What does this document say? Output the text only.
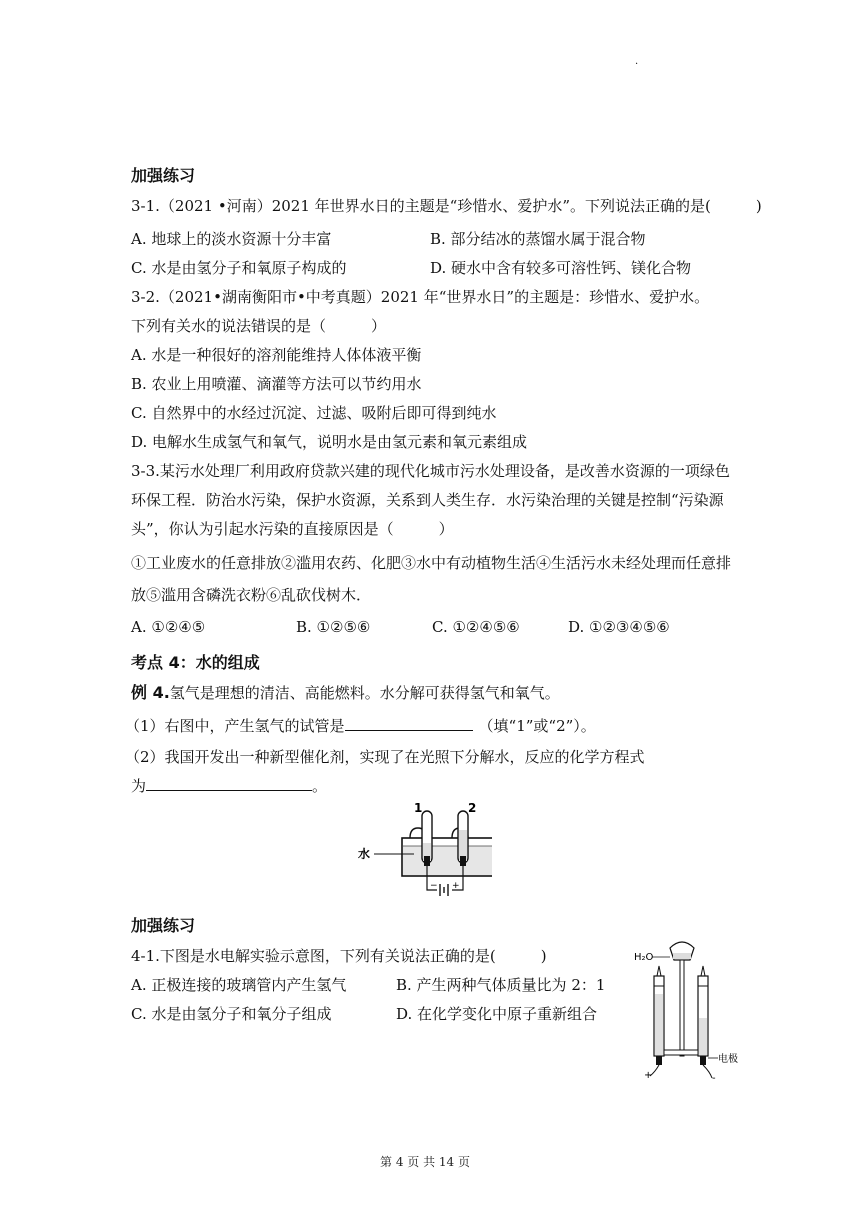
.
加强练习
3-1.（2021 •河南）2021 年世界水日的主题是“珍惜水、爱护水”。下列说法正确的是(　　　)
A. 地球上的淡水资源十分丰富	B. 部分结冰的蒸馏水属于混合物
C. 水是由氢分子和氧原子构成的	D. 硬水中含有较多可溶性钙、镁化合物
3-2.（2021•湖南衡阳市•中考真题）2021 年“世界水日”的主题是：珍惜水、爱护水。
下列有关水的说法错误的是（　　　）
A. 水是一种很好的溶剂能维持人体体液平衡
B. 农业上用喷灌、滴灌等方法可以节约用水
C. 自然界中的水经过沉淀、过滤、吸附后即可得到纯水
D. 电解水生成氢气和氧气，说明水是由氢元素和氧元素组成
3-3.某污水处理厂利用政府贷款兴建的现代化城市污水处理设备，是改善水资源的一项绿色
环保工程．防治水污染，保护水资源，关系到人类生存．水污染治理的关键是控制“污染源
头”，你认为引起水污染的直接原因是（　　　）
①工业废水的任意排放②滥用农药、化肥③水中有动植物生活④生活污水未经处理而任意排
放⑤滥用含磷洗衣粉⑥乱砍伐树木．
A. ①②④⑤	B. ①②⑤⑥	C. ①②④⑤⑥	D. ①②③④⑤⑥
考点 4：水的组成
例 4.氢气是理想的清洁、高能燃料。水分解可获得氢气和氧气。
（1）右图中，产生氢气的试管是	（填“1”或“2”）。
（2）我国开发出一种新型催化剂，实现了在光照下分解水，反应的化学方程式
为	。
1	2
水
− +
加强练习
4-1.下图是水电解实验示意图，下列有关说法正确的是(　　　)
A. 正极连接的玻璃管内产生氢气	B. 产生两种气体质量比为 2：1
C. 水是由氢分子和氧分子组成	D. 在化学变化中原子重新组合
H₂O
电极
+	-
第 4 页 共 14 页
